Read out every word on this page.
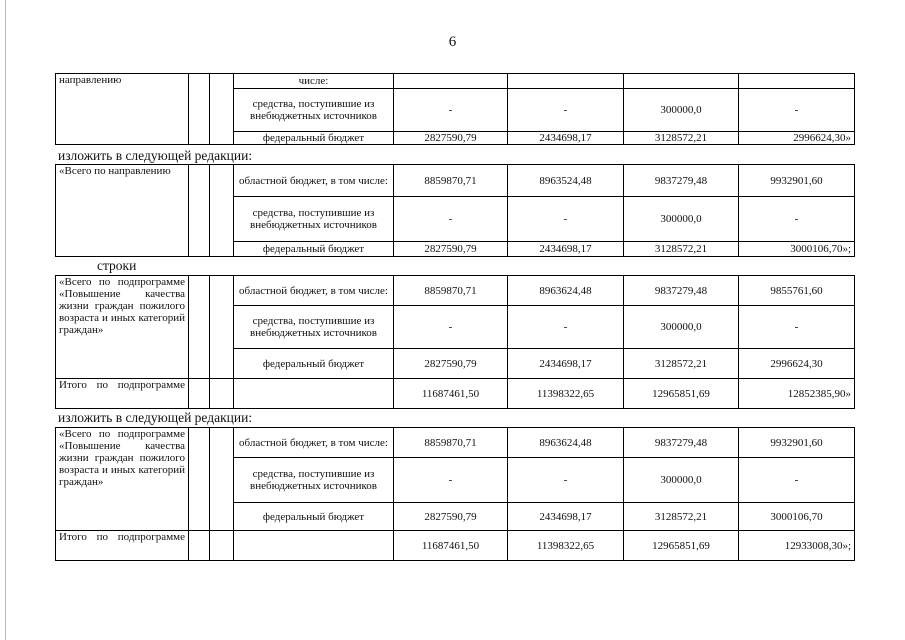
6
направлению			числе:				
			средства, поступившие из внебюджетных источников	-	-	300000,0	-
			федеральный бюджет	2827590,79	2434698,17	3128572,21	2996624,30»
изложить в следующей редакции:
«Всего по направлению			областной бюджет, в том числе:	8859870,71	8963524,48	9837279,48	9932901,60
			средства, поступившие из внебюджетных источников	-	-	300000,0	-
			федеральный бюджет	2827590,79	2434698,17	3128572,21	3000106,70»;
строки
«Всего по подпрограмме «Повышение качества жизни граждан пожилого возраста и иных категорий граждан»			областной бюджет, в том числе:	8859870,71	8963624,48	9837279,48	9855761,60
			средства, поступившие из внебюджетных источников	-	-	300000,0	-
			федеральный бюджет	2827590,79	2434698,17	3128572,21	2996624,30
Итого по подпрограмме				11687461,50	11398322,65	12965851,69	12852385,90»
изложить в следующей редакции:
«Всего по подпрограмме «Повышение качества жизни граждан пожилого возраста и иных категорий граждан»			областной бюджет, в том числе:	8859870,71	8963624,48	9837279,48	9932901,60
			средства, поступившие из внебюджетных источников	-	-	300000,0	-
			федеральный бюджет	2827590,79	2434698,17	3128572,21	3000106,70
Итого по подпрограмме				11687461,50	11398322,65	12965851,69	12933008,30»;
